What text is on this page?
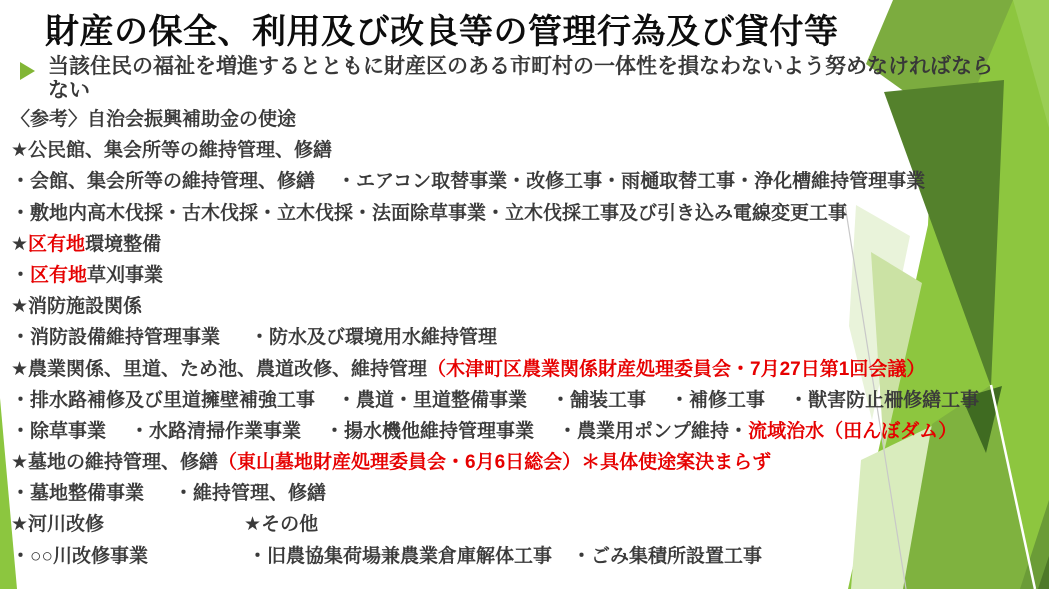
財産の保全、利用及び改良等の管理行為及び貸付等
当該住民の福祉を増進するとともに財産区のある市町村の一体性を損なわないよう努めなければならない
〈参考〉自治会振興補助金の使途
★公民館、集会所等の維持管理、修繕
・会館、集会所等の維持管理、修繕 ・エアコン取替事業・改修工事・雨樋取替工事・浄化槽維持管理事業
・敷地内高木伐採・古木伐採・立木伐採・法面除草事業・立木伐採工事及び引き込み電線変更工事
★区有地環境整備
・区有地草刈事業
★消防施設関係
・消防設備維持管理事業 ・防水及び環境用水維持管理
★農業関係、里道、ため池、農道改修、維持管理（木津町区農業関係財産処理委員会・7月27日第1回会議）
・排水路補修及び里道擁壁補強工事 ・農道・里道整備事業 ・舗装工事 ・補修工事 ・獣害防止柵修繕工事
・除草事業 ・水路清掃作業事業 ・揚水機他維持管理事業 ・農業用ポンプ維持・流域治水（田んぼダム）
★墓地の維持管理、修繕（東山墓地財産処理委員会・6月6日総会）＊具体使途案決まらず
・墓地整備事業 ・維持管理、修繕
★河川改修	★その他
・○○川改修事業	・旧農協集荷場兼農業倉庫解体工事 ・ごみ集積所設置工事
